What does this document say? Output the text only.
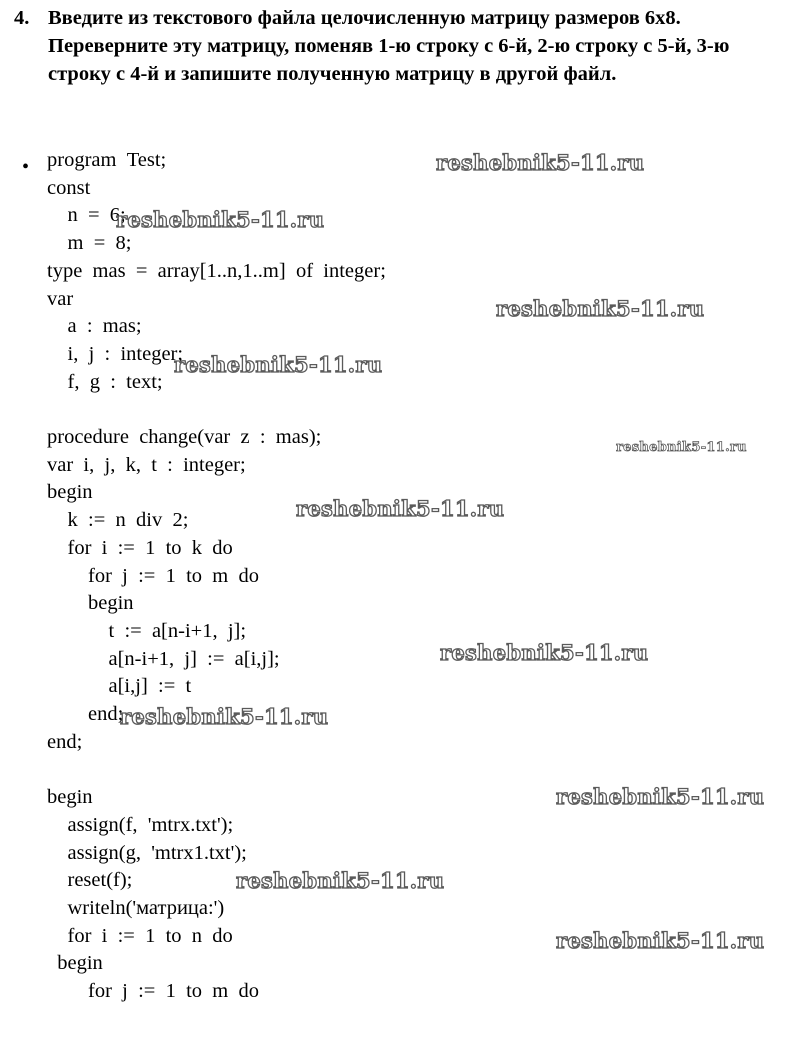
4. Введите из текстового файла целочисленную матрицу размеров 6х8. Переверните эту матрицу, поменяв 1-ю строку с 6-й, 2-ю строку с 5-й, 3-ю строку с 4-й и запишите полученную матрицу в другой файл.
• program  Test;
const
n  =  6;
m  =  8;
type  mas  =  array[1..n,1..m]  of  integer;
var
a  :  mas;
i,  j  :  integer;
f,  g  :  text;
procedure  change(var  z  :  mas);
var  i,  j,  k,  t  :  integer;
begin
k  :=  n  div  2;
for  i  :=  1  to  k  do
for  j  :=  1  to  m  do
begin
t  :=  a[n-i+1,  j];
a[n-i+1,  j]  :=  a[i,j];
a[i,j]  :=  t
end;
end;
begin
assign(f,  'mtrx.txt');
assign(g,  'mtrx1.txt');
reset(f);
writeln('матрица:')
for  i  :=  1  to  n  do
begin
for  j  :=  1  to  m  do
reshebnik5-11.ru
reshebnik5-11.ru
reshebnik5-11.ru
reshebnik5-11.ru
reshebnik5-11.ru
reshebnik5-11.ru
reshebnik5-11.ru
reshebnik5-11.ru
reshebnik5-11.ru
reshebnik5-11.ru
reshebnik5-11.ru
